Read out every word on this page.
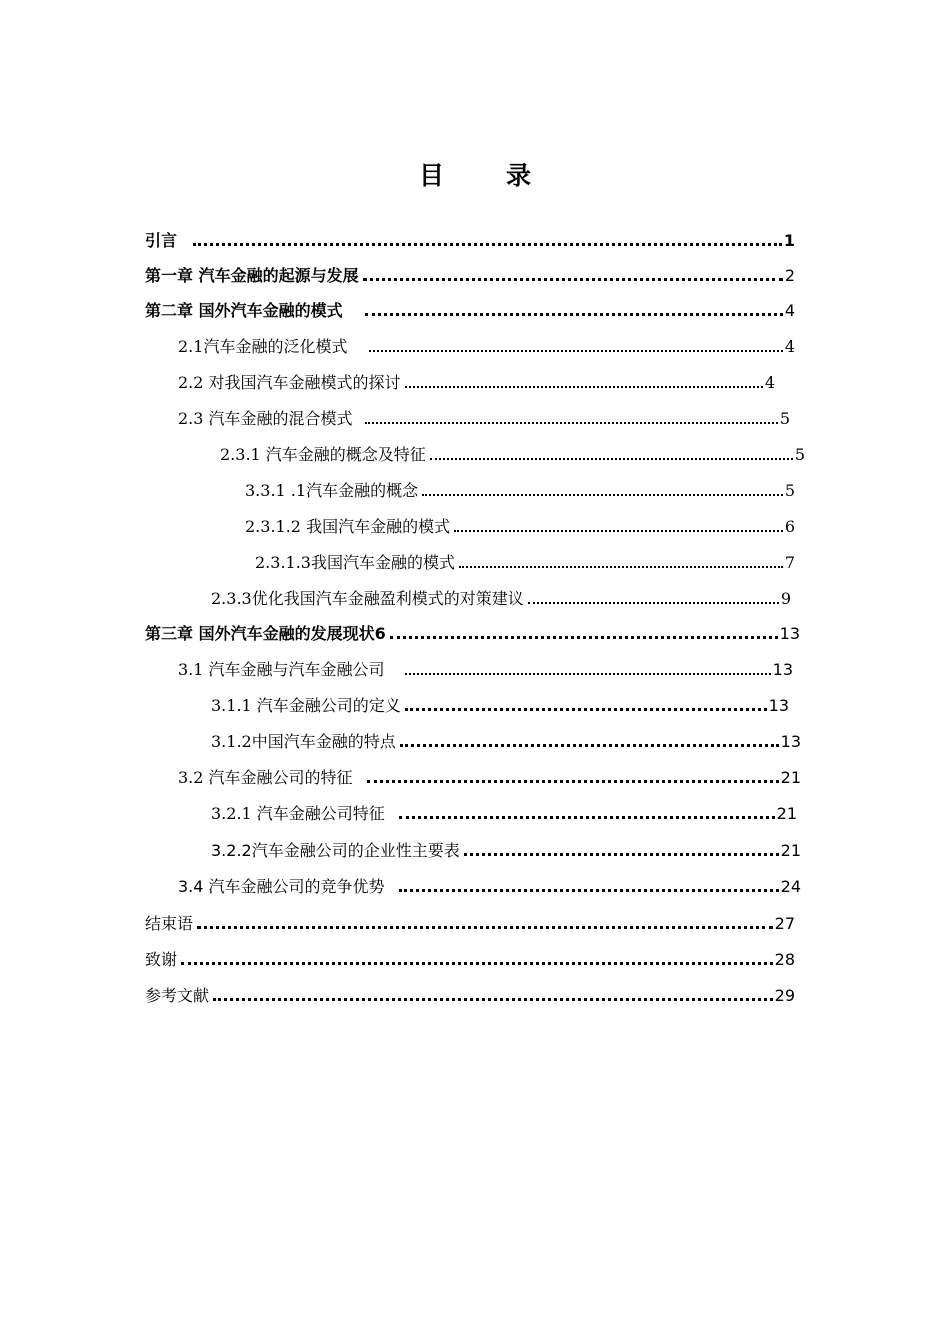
目 录
引言	1
第一章 汽车金融的起源与发展	2
第二章 国外汽车金融的模式	4
2.1汽车金融的泛化模式	4
2.2 对我国汽车金融模式的探讨	4
2.3 汽车金融的混合模式	5
2.3.1 汽车金融的概念及特征	5
3.3.1 .1汽车金融的概念	5
2.3.1.2 我国汽车金融的模式	6
2.3.1.3我国汽车金融的模式	7
2.3.3优化我国汽车金融盈利模式的对策建议	9
第三章 国外汽车金融的发展现状6	13
3.1 汽车金融与汽车金融公司	13
3.1.1 汽车金融公司的定义	13
3.1.2中国汽车金融的特点	13
3.2 汽车金融公司的特征	21
3.2.1 汽车金融公司特征	21
3.2.2汽车金融公司的企业性主要表	21
3.4 汽车金融公司的竞争优势	24
结束语	27
致谢	28
参考文献	29
